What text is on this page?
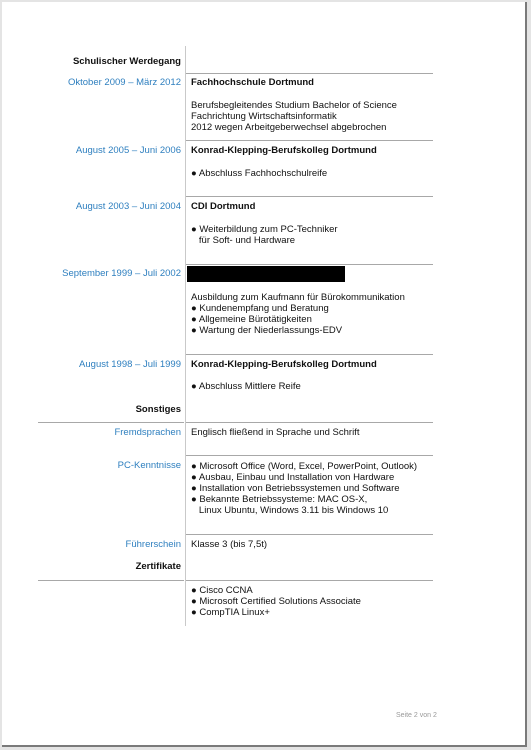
Schulischer Werdegang
Oktober 2009 – März 2012 Fachhochschule Dortmund
Berufsbegleitendes Studium Bachelor of Science
Fachrichtung Wirtschaftsinformatik
2012 wegen Arbeitgeberwechsel abgebrochen
August 2005 – Juni 2006 Konrad-Klepping-Berufskolleg Dortmund
● Abschluss Fachhochschulreife
August 2003 – Juni 2004 CDI Dortmund
● Weiterbildung zum PC-Techniker
für Soft- und Hardware
September 1999 – Juli 2002
Ausbildung zum Kaufmann für Bürokommunikation
● Kundenempfang und Beratung
● Allgemeine Bürotätigkeiten
● Wartung der Niederlassungs-EDV
August 1998 – Juli 1999 Konrad-Klepping-Berufskolleg Dortmund
● Abschluss Mittlere Reife
Sonstiges
Fremdsprachen Englisch fließend in Sprache und Schrift
PC-Kenntnisse ● Microsoft Office (Word, Excel, PowerPoint, Outlook)
● Ausbau, Einbau und Installation von Hardware
● Installation von Betriebssystemen und Software
● Bekannte Betriebssysteme: MAC OS-X,
Linux Ubuntu, Windows 3.11 bis Windows 10
Führerschein Klasse 3 (bis 7,5t)
Zertifikate
● Cisco CCNA
● Microsoft Certified Solutions Associate
● CompTIA Linux+
Seite 2 von 2
